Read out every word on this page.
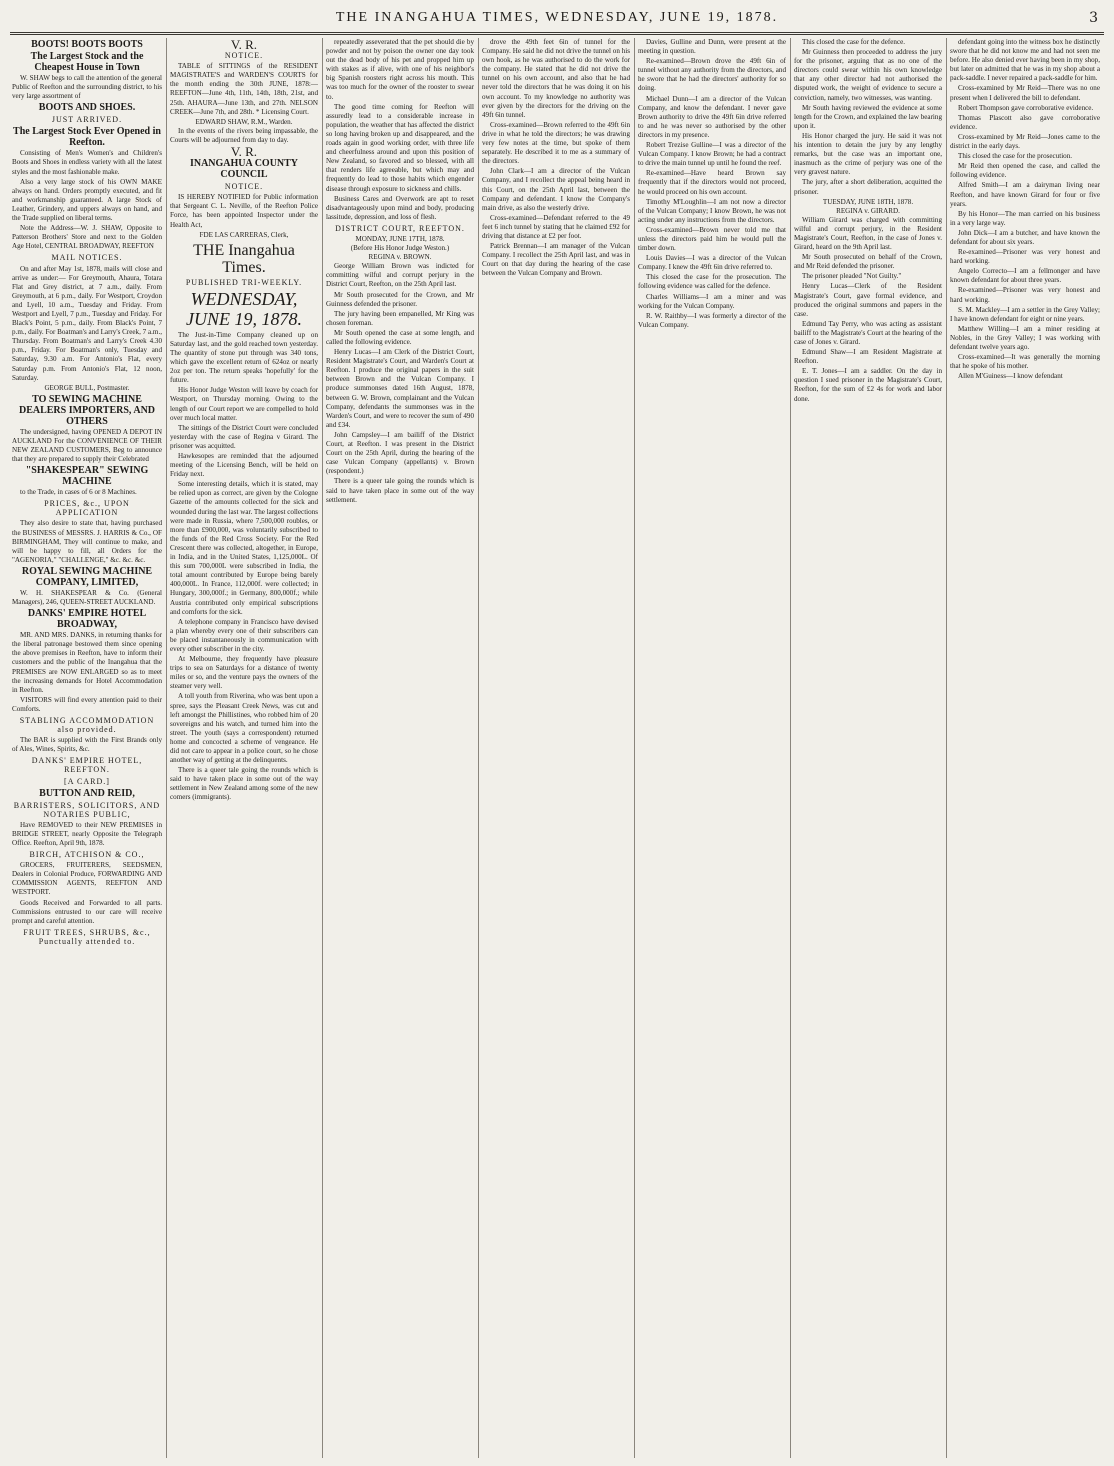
THE INANGAHUA TIMES, WEDNESDAY, JUNE 19, 1878.	3
BOOTS! BOOTS BOOTS
The Largest Stock and the Cheapest House in Town

W. SHAW begs to call the attention of the general Public of Reefton and the surrounding district, to his very large assortment of

BOOTS AND SHOES.
JUST ARRIVED.
The Largest Stock Ever Opened in Reefton.

Consisting of Men's Women's and Children's Boots and Shoes in endless variety with all the latest styles and the most fashionable make.

Also a very large stock of his OWN MAKE always on hand. Orders promptly executed, and fit and workmanship guaranteed. A large Stock of Leather, Grindery, and uppers always on hand, and the Trade supplied on liberal terms.

Note the Address—W. J. SHAW, Opposite to Patterson Brothers' Store and next to the Golden Age Hotel, CENTRAL BROADWAY, REEFTON

MAIL NOTICES.

On and after May 1st, 1878, mails will close and arrive as under:— For Greymouth, Ahaura, Totara Flat and Grey district, at 7 a.m., daily. From Greymouth, at 6 p.m., daily. For Westport, Croydon and Lyell, 10 a.m., Tuesday and Friday. From Westport and Lyell, 7 p.m., Tuesday and Friday. For Black's Point, 5 p.m., daily. From Black's Point, 7 p.m., daily. For Boatman's and Larry's Creek, 7 a.m., Thursday. From Boatman's and Larry's Creek 4.30 p.m., Friday. For Boatman's only, Tuesday and Saturday, 9.30 a.m. For Antonio's Flat, every Saturday p.m. From Antonio's Flat, 12 noon, Saturday.

GEORGE BULL, Postmaster.
TO SEWING MACHINE DEALERS IMPORTERS, AND OTHERS

The undersigned, having OPENED A DEPOT IN AUCKLAND For the CONVENIENCE OF THEIR NEW ZEALAND CUSTOMERS, Beg to announce that they are prepared to supply their Celebrated

"SHAKESPEAR" SEWING MACHINE

to the Trade, in cases of 6 or 8 Machines.

PRICES, &c., UPON APPLICATION

They also desire to state that, having purchased the BUSINESS of MESSRS. J. HARRIS & Co., OF BIRMINGHAM, They will continue to make, and will be happy to fill, all Orders for the "AGENORIA," "CHALLENGE," &c. &c. &c.

ROYAL SEWING MACHINE COMPANY, LIMITED,

W. H. SHAKESPEAR & Co. (General Managers), 246, QUEEN-STREET AUCKLAND.

DANKS' EMPIRE HOTEL BROADWAY,

MR. AND MRS. DANKS, in returning thanks for the liberal patronage bestowed them since opening the above premises in Reefton, have to inform their customers and the public of the Inangahua that the PREMISES are NOW ENLARGED so as to meet the increasing demands for Hotel Accommodation in Reefton.

VISITORS will find every attention paid to their Comforts.

STABLING ACCOMMODATION also provided.

The BAR is supplied with the First Brands only of Ales, Wines, Spirits, &c.

DANKS' EMPIRE HOTEL, REEFTON.
[A CARD.]
BUTTON AND REID,
BARRISTERS, SOLICITORS, AND NOTARIES PUBLIC,

Have REMOVED to their NEW PREMISES in BRIDGE STREET, nearly Opposite the Telegraph Office. Reefton, April 9th, 1878.

BIRCH, ATCHISON & CO.,

GROCERS, FRUITERERS, SEEDSMEN, Dealers in Colonial Produce, FORWARDING AND COMMISSION AGENTS, REEFTON AND WESTPORT.

Goods Received and Forwarded to all parts. Commissions entrusted to our care will receive prompt and careful attention.

FRUIT TREES, SHRUBS, &c., Punctually attended to.
V. R.
NOTICE.

TABLE of SITTINGS of the RESIDENT MAGISTRATE'S and WARDEN'S COURTS for the month ending the 30th JUNE, 1878:— REEFTON—June 4th, 11th, 14th, 18th, 21st, and 25th. AHAURA—June 13th, and 27th. NELSON CREEK—June 7th, and 28th. * Licensing Court.

EDWARD SHAW, R.M., Warden.

In the events of the rivers being impassable, the Courts will be adjourned from day to day.

V. R.
INANGAHUA COUNTY COUNCIL
NOTICE.

IS HEREBY NOTIFIED for Public information that Sergeant C. L. Neville, of the Reefton Police Force, has been appointed Inspector under the Health Act,

FDE LAS CARRERAS, Clerk,
THE Inangahua Times.
PUBLISHED TRI-WEEKLY.
WEDNESDAY, JUNE 19, 1878.

The Just-in-Time Company cleaned up on Saturday last, and the gold reached town yesterday. The quantity of stone put through was 340 tons, which gave the excellent return of 624oz or nearly 2oz per ton. The return speaks 'hopefully' for the future.

His Honor Judge Weston will leave by coach for Westport, on Thursday morning. Owing to the length of our Court report we are compelled to hold over much local matter.

The sittings of the District Court were concluded yesterday with the case of Regina v Girard. The prisoner was acquitted.

Hawkesopes are reminded that the adjourned meeting of the Licensing Bench, will be held on Friday next.

Some interesting details, which it is stated, may be relied upon as correct, are given by the Cologne Gazette of the amounts collected for the sick and wounded during the last war. The largest collections were made in Russia, where 7,500,000 roubles, or more than £900,000, was voluntarily subscribed to the funds of the Red Cross Society. For the Red Crescent there was collected, altogether, in Europe, in India, and in the United States, 1,125,000L. Of this sum 700,000L were subscribed in India, the total amount contributed by Europe being barely 400,000L. In France, 112,000f. were collected; in Hungary, 300,000f.; in Germany, 800,000f.; while Austria contributed only empirical subscriptions and comforts for the sick.

A telephone company in Francisco have devised a plan whereby every one of their subscribers can be placed instantaneously in communication with every other subscriber in the city.

At Melbourne, they frequently have pleasure trips to sea on Saturdays for a distance of twenty miles or so, and the venture pays the owners of the steamer very well.

A toll youth from Riverina, who was bent upon a spree, says the Pleasant Creek News, was cut and left amongst the Phillistines, who robbed him of 20 sovereigns and his watch, and turned him into the street. The youth (says a correspondent) returned home and concocted a scheme of vengeance. He did not care to appear in a police court, so he chose another way of getting at the delinquents.

There is a queer tale going the rounds which is said to have taken place in some out of the way settlement in New Zealand among some of the new comers (immigrants).

repeatedly asseverated that the pet should die by powder and not by poison the owner one day took out the dead body of his pet and propped him up with stakes as if alive, with one of his neighbor's big Spanish roosters right across his mouth. This was too much for the owner of the rooster to swear to.

The good time coming for Reefton will assuredly lead to a considerable increase in population, the weather that has affected the district so long having broken up and disappeared, and the roads again in good working order, with three life and cheerfulness around and upon this position of New Zealand, so favored and so blessed, with all that renders life agreeable, but which may and frequently do lead to those habits which engender disease through exposure to sickness and chills.

Business Cares and Overwork are apt to reset disadvantageously upon mind and body, producing lassitude, depression, and loss of flesh.

DISTRICT COURT, REEFTON.
MONDAY, JUNE 17TH, 1878.
(Before His Honor Judge Weston.)
REGINA v. BROWN.

George William Brown was indicted for committing wilful and corrupt perjury in the District Court, Reefton, on the 25th April last.

Mr South prosecuted for the Crown, and Mr Guinness defended the prisoner.

The jury having been empanelled, Mr King was chosen foreman.

Mr South opened the case at some length, and called the following evidence.

Henry Lucas—I am Clerk of the District Court, Resident Magistrate's Court, and Warden's Court at Reefton. I produce the original papers in the suit between Brown and the Vulcan Company. I produce summonses dated 16th August, 1878, between G. W. Brown, complainant and the Vulcan Company, defendants the summonses was in the Warden's Court, and were to recover the sum of 490 and £34.

John Campsley—I am bailiff of the District Court, at Reefton. I was present in the District Court on the 25th April, during the hearing of the case Vulcan Company (appellants) v. Brown (respondent.)

There is a queer tale going the rounds which is said to have taken place in some out of the way settlement.

drove the 49th feet 6in of tunnel for the Company. He said he did not drive the tunnel on his own hook, as he was authorised to do the work for the company. He stated that he did not drive the tunnel on his own account, and also that he had never told the directors that he was doing it on his own account. To my knowledge no authority was ever given by the directors for the driving on the 49ft 6in tunnel.

Cross-examined—Brown referred to the 49ft 6in drive in what he told the directors; he was drawing very few notes at the time, but spoke of them separately. He described it to me as a summary of the directors.

John Clark—I am a director of the Vulcan Company, and I recollect the appeal being heard in this Court, on the 25th April last, between the Company and defendant. I know the Company's main drive, as also the westerly drive.

Cross-examined—Defendant referred to the 49 feet 6 inch tunnel by stating that he claimed £92 for driving that distance at £2 per foot.

Patrick Brennan—I am manager of the Vulcan Company. I recollect the 25th April last, and was in Court on that day during the hearing of the case between the Vulcan Company and Brown.

Davies, Gulline and Dunn, were present at the meeting in question.

Re-examined—Brown drove the 49ft 6in of tunnel without any authority from the directors, and he swore that he had the directors' authority for so doing.

Michael Dunn—I am a director of the Vulcan Company, and know the defendant. I never gave Brown authority to drive the 49ft 6in drive referred to and he was never so authorised by the other directors in my presence.

Robert Trezise Gulline—I was a director of the Vulcan Company. I know Brown; he had a contract to drive the main tunnel up until he found the reef.

Re-examined—Have heard Brown say frequently that if the directors would not proceed, he would proceed on his own account.

Timothy M'Loughlin—I am not now a director of the Vulcan Company; I know Brown, he was not acting under any instructions from the directors.

Cross-examined—Brown never told me that unless the directors paid him he would pull the timber down.

Louis Davies—I was a director of the Vulcan Company. I knew the 49ft 6in drive referred to.

This closed the case for the prosecution. The following evidence was called for the defence.

Charles Williams—I am a miner and was working for the Vulcan Company.

R. W. Raithby—I was formerly a director of the Vulcan Company.

This closed the case for the defence.

Mr Guinness then proceeded to address the jury for the prisoner, arguing that as no one of the directors could swear within his own knowledge that any other director had not authorised the disputed work, the weight of evidence to secure a conviction, namely, two witnesses, was wanting.

Mr South having reviewed the evidence at some length for the Crown, and explained the law bearing upon it.

His Honor charged the jury. He said it was not his intention to detain the jury by any lengthy remarks, but the case was an important one, inasmuch as the crime of perjury was one of the very gravest nature.

The jury, after a short deliberation, acquitted the prisoner.

TUESDAY, JUNE 18TH, 1878.
REGINA v. GIRARD.

William Girard was charged with committing wilful and corrupt perjury, in the Resident Magistrate's Court, Reefton, in the case of Jones v. Girard, heard on the 9th April last.

Mr South prosecuted on behalf of the Crown, and Mr Reid defended the prisoner.

The prisoner pleaded "Not Guilty."

Henry Lucas—Clerk of the Resident Magistrate's Court, gave formal evidence, and produced the original summons and papers in the case.

Edmund Tay Perry, who was acting as assistant bailiff to the Magistrate's Court at the hearing of the case of Jones v. Girard.

Edmund Shaw—I am Resident Magistrate at Reefton.

E. T. Jones—I am a saddler. On the day in question I sued prisoner in the Magistrate's Court, Reefton, for the sum of £2 4s for work and labor done.

defendant going into the witness box he distinctly swore that he did not know me and had not seen me before. He also denied ever having been in my shop, but later on admitted that he was in my shop about a pack-saddle. I never repaired a pack-saddle for him.

Cross-examined by Mr Reid—There was no one present when I delivered the bill to defendant.

Robert Thompson gave corroborative evidence.

Thomas Plascott also gave corroborative evidence.

Cross-examined by Mr Reid—Jones came to the district in the early days.

This closed the case for the prosecution.

Mr Reid then opened the case, and called the following evidence.

Alfred Smith—I am a dairyman living near Reefton, and have known Girard for four or five years.

By his Honor—The man carried on his business in a very large way.

John Dick—I am a butcher, and have known the defendant for about six years.

Re-examined—Prisoner was very honest and hard working.

Angelo Correcto—I am a fellmonger and have known defendant for about three years.

Re-examined—Prisoner was very honest and hard working.

S. M. Mackley—I am a settler in the Grey Valley; I have known defendant for eight or nine years.

Matthew Willing—I am a miner residing at Nobles, in the Grey Valley; I was working with defendant twelve years ago.

Cross-examined—It was generally the morning that he spoke of his mother.

Allen M'Guiness—I know defendant
